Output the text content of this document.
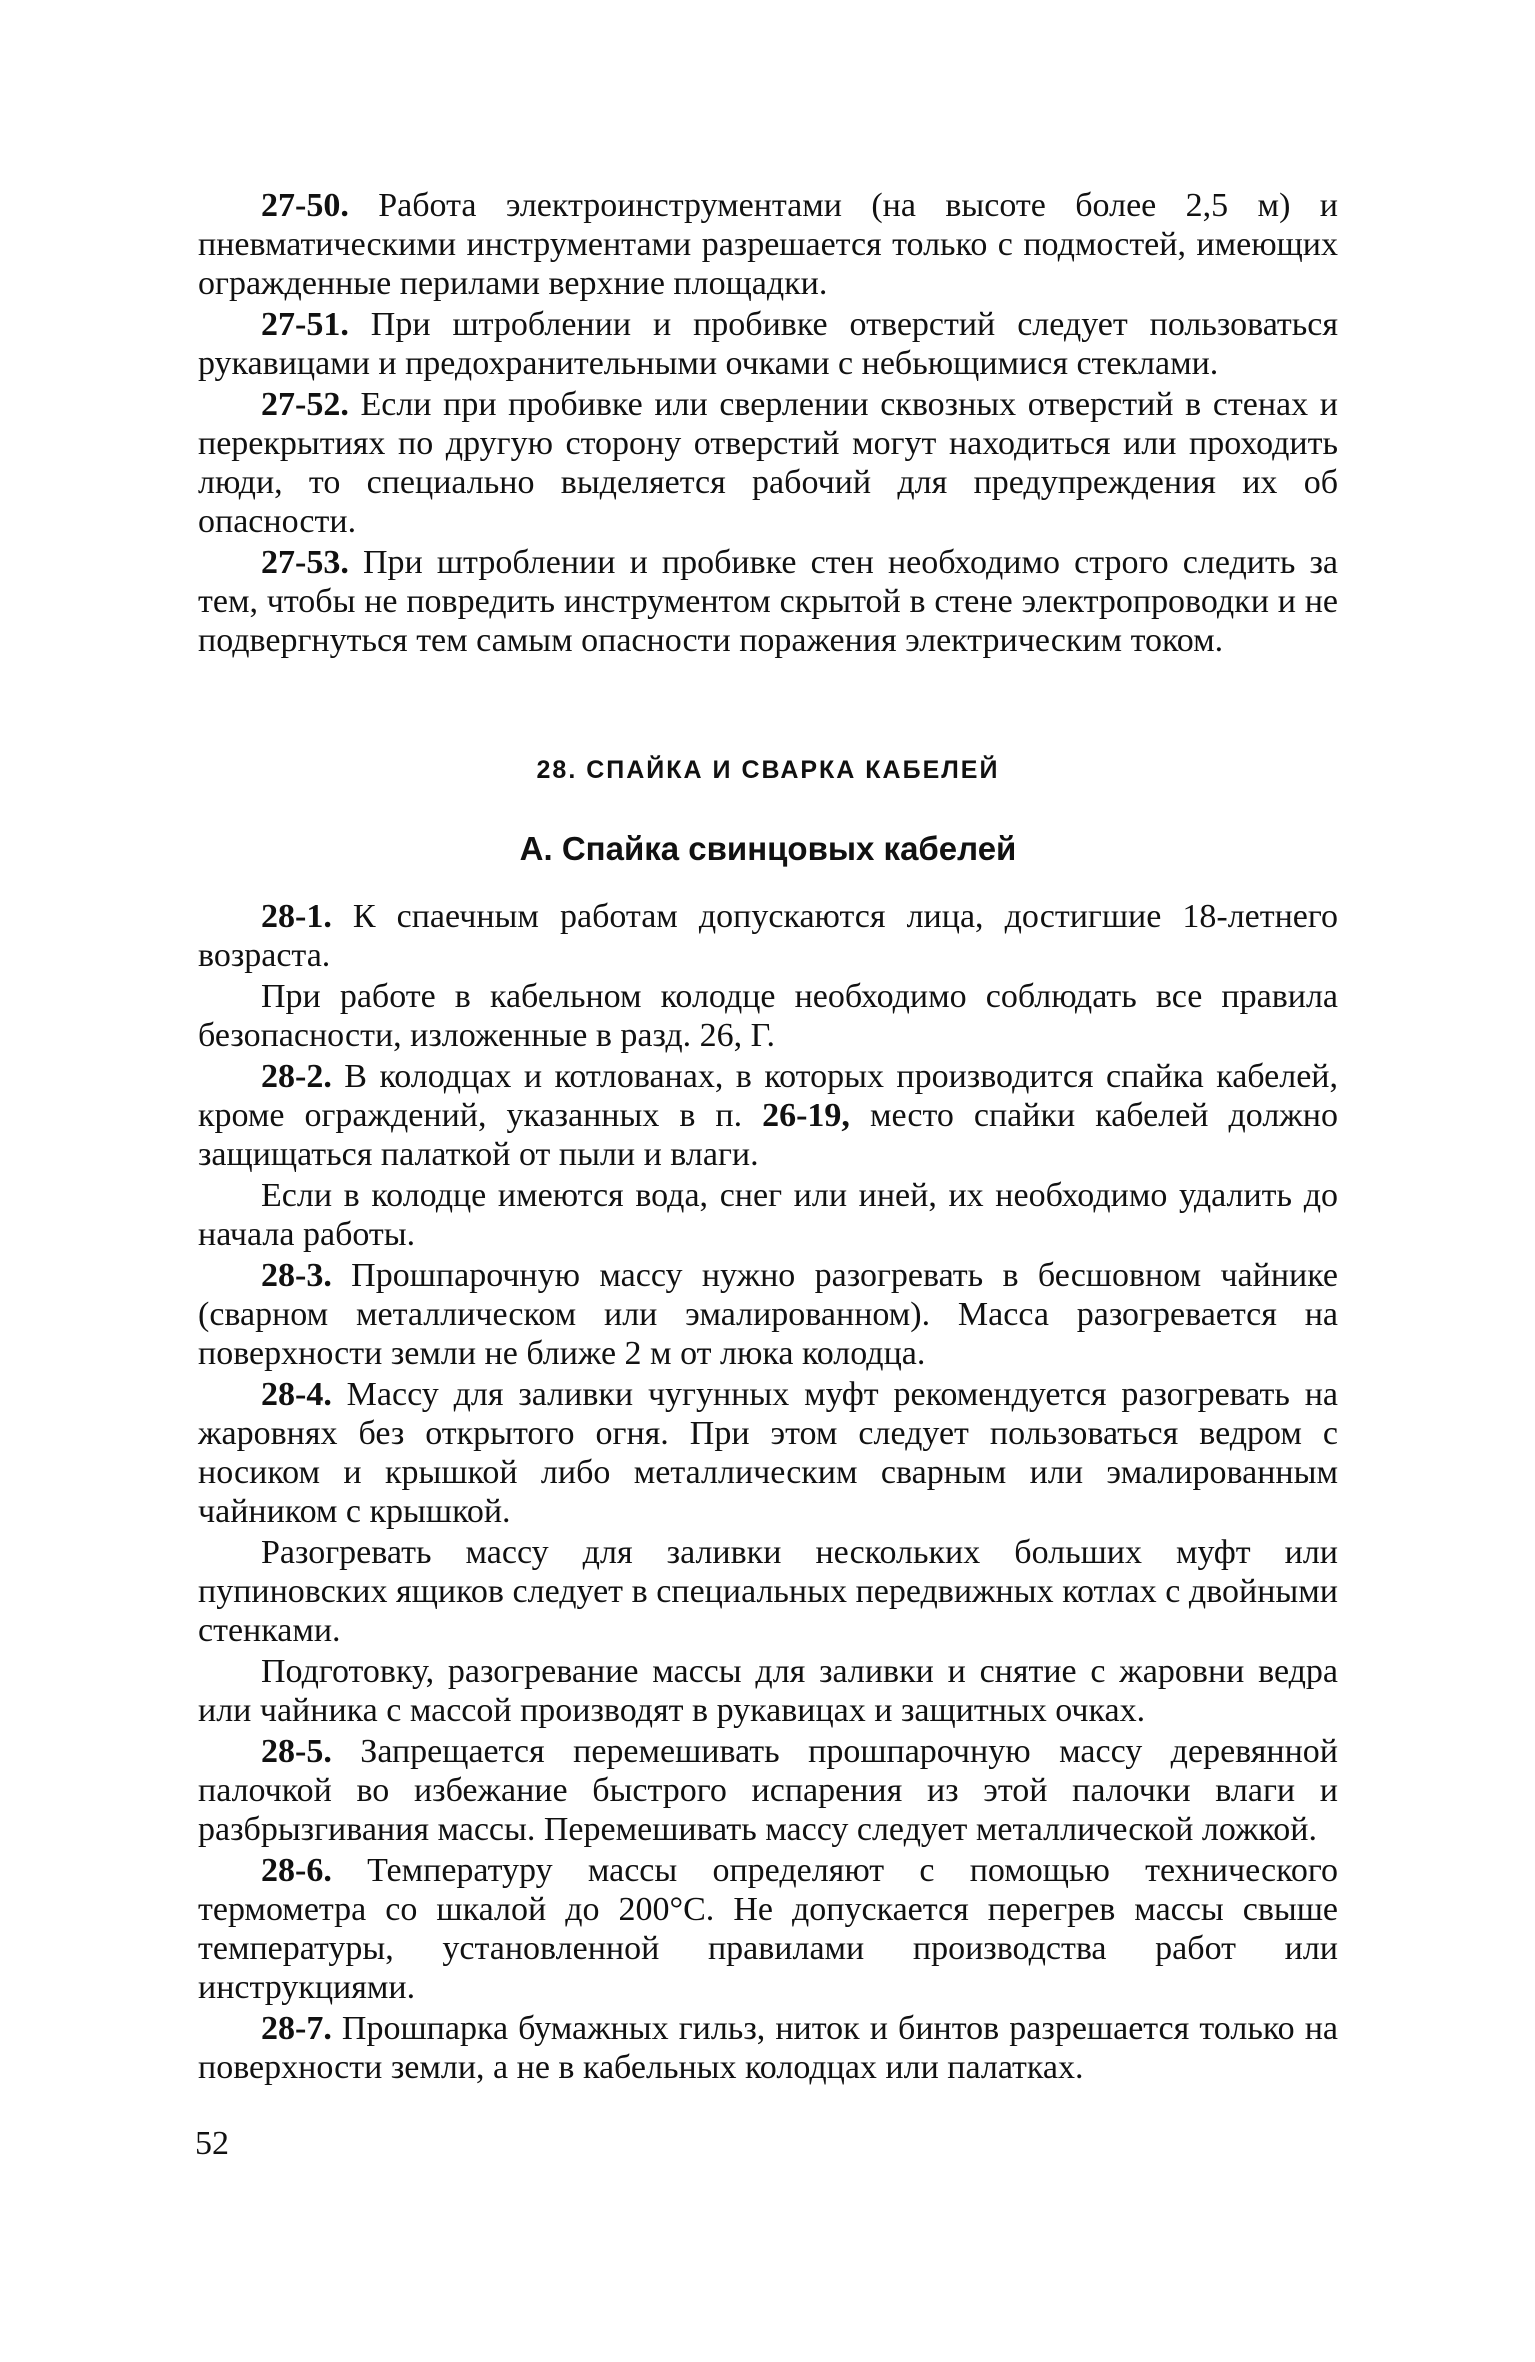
27-50. Работа электроинструментами (на высоте более 2,5 м) и пневматическими инструментами разрешается только с подмостей, имеющих огражденные перилами верхние площадки.

27-51. При штроблении и пробивке отверстий следует пользоваться рукавицами и предохранительными очками с небьющимися стеклами.

27-52. Если при пробивке или сверлении сквозных отверстий в стенах и перекрытиях по другую сторону отверстий могут находиться или проходить люди, то специально выделяется рабочий для предупреждения их об опасности.

27-53. При штроблении и пробивке стен необходимо строго следить за тем, чтобы не повредить инструментом скрытой в стене электропроводки и не подвергнуться тем самым опасности поражения электрическим током.

28. СПАЙКА И СВАРКА КАБЕЛЕЙ
А. Спайка свинцовых кабелей

28-1. К спаечным работам допускаются лица, достигшие 18-летнего возраста.

При работе в кабельном колодце необходимо соблюдать все правила безопасности, изложенные в разд. 26, Г.

28-2. В колодцах и котлованах, в которых производится спайка кабелей, кроме ограждений, указанных в п. 26-19, место спайки кабелей должно защищаться палаткой от пыли и влаги.

Если в колодце имеются вода, снег или иней, их необходимо удалить до начала работы.

28-3. Прошпарочную массу нужно разогревать в бесшовном чайнике (сварном металлическом или эмалированном). Масса разогревается на поверхности земли не ближе 2 м от люка колодца.

28-4. Массу для заливки чугунных муфт рекомендуется разогревать на жаровнях без открытого огня. При этом следует пользоваться ведром с носиком и крышкой либо металлическим сварным или эмалированным чайником с крышкой.

Разогревать массу для заливки нескольких больших муфт или пупиновских ящиков следует в специальных передвижных котлах с двойными стенками.

Подготовку, разогревание массы для заливки и снятие с жаровни ведра или чайника с массой производят в рукавицах и защитных очках.

28-5. Запрещается перемешивать прошпарочную массу деревянной палочкой во избежание быстрого испарения из этой палочки влаги и разбрызгивания массы. Перемешивать массу следует металлической ложкой.

28-6. Температуру массы определяют с помощью технического термометра со шкалой до 200°С. Не допускается перегрев массы свыше температуры, установленной правилами производства работ или инструкциями.

28-7. Прошпарка бумажных гильз, ниток и бинтов разрешается только на поверхности земли, а не в кабельных колодцах или палатках.

52
